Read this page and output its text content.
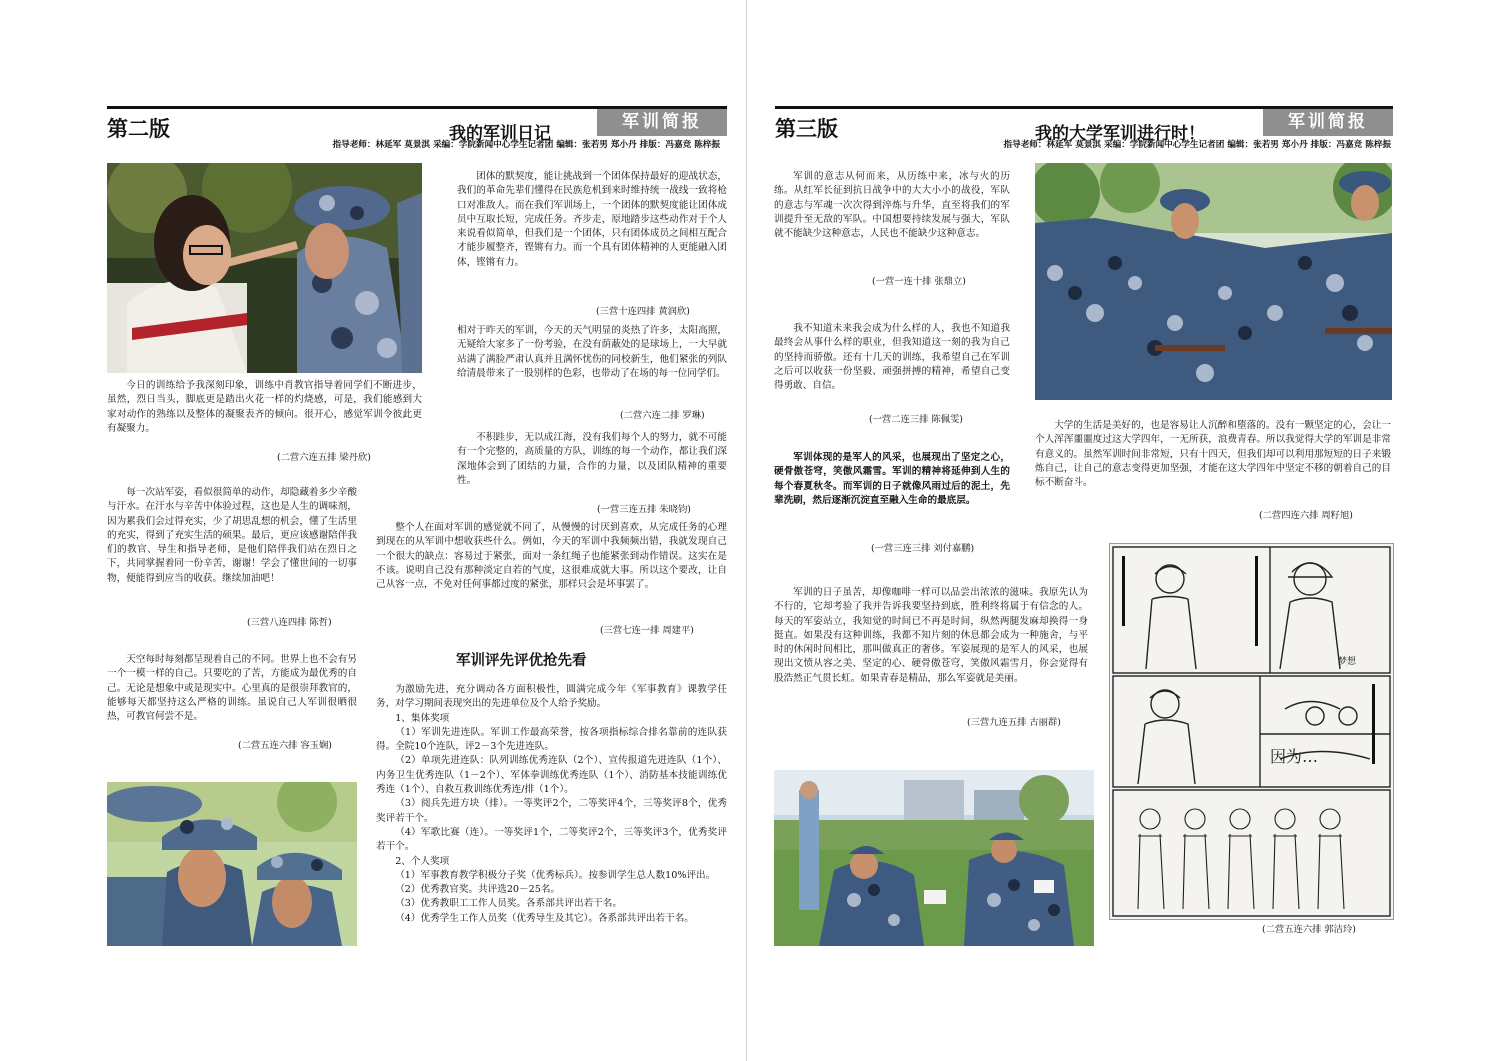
第二版	我的军训日记
军训简报
指导老师：林延军 莫景淇 采编：学院新闻中心学生记者团 编辑：张若男 郑小丹 排版：冯嘉竞 陈梓振

今日的训练给予我深刻印象，训练中肖教官指导着同学们不断进步，虽然，烈日当头，脚底更是踏出火花一样的灼烧感，可是，我们能感到大家对动作的熟练以及整体的凝聚表齐的倾向。很开心，感觉军训令彼此更有凝聚力。

(二营六连五排 梁丹欣)

每一次站军姿，看似很简单的动作，却隐藏着多少辛酸与汗水。在汗水与辛苦中体验过程，这也是人生的调味剂，因为累我们会过得充实，少了胡思乱想的机会，懂了生活里的充实，得到了充实生活的硕果。最后，更应该感谢陪伴我们的教官、导生和指导老师，是他们陪伴我们站在烈日之下，共同掌握着同一份辛苦，谢谢！学会了懂世间的一切事物，便能得到应当的收获。继续加油吧！

(三营八连四排 陈哲)

天空每时每刻都呈现着自己的不同。世界上也不会有另一个一模一样的自己。只要吃的了苦，方能成为最优秀的自己。无论是想象中或是现实中。心里真的是很崇拜教官的，能够每天都坚持这么严格的训练。虽说自己人军训很晒很热，可教官何尝不是。

(二营五连六排 容玉娴)

团体的默契度，能让挑战到一个团体保持最好的迎战状态，我们的革命先辈们懂得在民族危机到来时维持统一战线一致将枪口对准敌人。而在我们军训场上，一个团体的默契度能让团体成员中互取长短，完成任务。齐步走，原地踏步这些动作对于个人来说看似简单，但我们是一个团体，只有团体成员之间相互配合才能步履整齐，铿锵有力。而一个具有团体精神的人更能融入团体，铿锵有力。

(三营十连四排 黄润欣)

相对于昨天的军训，今天的天气明显的炎热了许多，太阳高照，无疑给大家多了一份考验，在没有荫蔽处的是球场上，一大早就站满了满脸严肃认真并且满怀忧伤的同校新生，他们紧张的列队给清晨带来了一股别样的色彩，也带动了在场的每一位同学们。

(二营六连二排 罗琳)

不积跬步，无以成江海，没有我们每个人的努力，就不可能有一个完整的，高质量的方队，训练的每一个动作，都让我们深深地体会到了团结的力量，合作的力量，以及团队精神的重要性。

(一营三连五排 朱晓钧)

整个人在面对军训的感觉就不同了，从慢慢的讨厌到喜欢，从完成任务的心理到现在的从军训中想收获些什么。例如，今天的军训中我频频出错，我就发现自己一个很大的缺点：容易过于紧张，面对一条红绳子也能紧张到动作错误。这实在是不该。说明自己没有那种淡定自若的气度，这很难成就大事。所以这个要改，让自己从容一点，不免对任何事都过度的紧张，那样只会是坏事罢了。

(三营七连一排 周建平)
军训评先评优抢先看

为激励先进，充分调动各方面积极性，圆满完成今年《军事教育》课教学任务，对学习期间表现突出的先进单位及个人给予奖励。

1、集体奖项

（1）军训先进连队。军训工作最高荣誉，按各项指标综合排名靠前的连队获得。全院10个连队，评2－3个先进连队。

（2）单项先进连队：队列训练优秀连队（2个）、宣传报道先进连队（1个）、内务卫生优秀连队（1－2个）、军体拳训练优秀连队（1个）、消防基本技能训练优秀连（1个）、自救互救训练优秀连/排（1个）。

（3）阅兵先进方块（排）。一等奖评2个，二等奖评4个，三等奖评8个，优秀奖评若干个。

（4）军歌比赛（连）。一等奖评1个，二等奖评2个，三等奖评3个，优秀奖评若干个。

2、个人奖项

（1）军事教育教学积极分子奖（优秀标兵）。按参训学生总人数10%评出。

（2）优秀教官奖。共评选20－25名。

（3）优秀教职工工作人员奖。各系部共评出若干名。

（4）优秀学生工作人员奖（优秀导生及其它）。各系部共评出若干名。

第三版	我的大学军训进行时！
军训简报
指导老师：林延军 莫景淇 采编：学院新闻中心学生记者团 编辑：张若男 郑小丹 排版：冯嘉竞 陈梓振

军训的意志从何而来，从历练中来，冰与火的历练。从红军长征到抗日战争中的大大小小的战役，军队的意志与军魂一次次得到淬炼与升华，直至将我们的军训提升至无敌的军队。中国想要持续发展与强大，军队就不能缺少这种意志，人民也不能缺少这种意志。

(一营一连十排 张鼎立)

我不知道未来我会成为什么样的人，我也不知道我最终会从事什么样的职业，但我知道这一刻的我为自己的坚持而骄傲。还有十几天的训练，我希望自己在军训之后可以收获一份坚毅、顽强拼搏的精神，希望自己变得勇敢、自信。

(一营二连三排 陈佩雯)

军训体现的是军人的风采，也展现出了坚定之心，硬骨傲苍穹，笑傲风霜雪。军训的精神将延伸到人生的每个春夏秋冬。而军训的日子就像风雨过后的泥土，先辈洗刷，然后逐渐沉淀直至融入生命的最底层。

(一营三连三排 刘付嘉鹏)

军训的日子虽苦，却像咖啡一样可以品尝出浓浓的滋味。我原先认为不行的，它却考验了我并告诉我要坚持到底，胜利终将属于有信念的人。每天的军姿站立，我知觉的时间已不再是时间，纵然两腿发麻却换得一身挺直。如果没有这种训练，我都不知片刻的休息都会成为一种施舍，与平时的休闲时间相比，那叫做真正的奢侈。军姿展现的是军人的风采，也展现出文愤从容之美、坚定的心、硬骨傲苍穹，笑傲风霜雪月，你会觉得有股浩然正气贯长虹。如果青春是精品，那么军姿就是美丽。

(三营九连五排 古丽群)

大学的生活是美好的，也是容易让人沉醉和堕落的。没有一颗坚定的心，会让一个人浑浑噩噩度过这大学四年，一无所获，浪费青春。所以我觉得大学的军训是非常有意义的。虽然军训时间非常短，只有十四天，但我们却可以利用那短短的日子来锻炼自己，让自己的意志变得更加坚强，才能在这大学四年中坚定不移的朝着自己的目标不断奋斗。

(二营四连六排 周籽旭)
因为…
梦想
(二营五连六排 郭洁玲)
